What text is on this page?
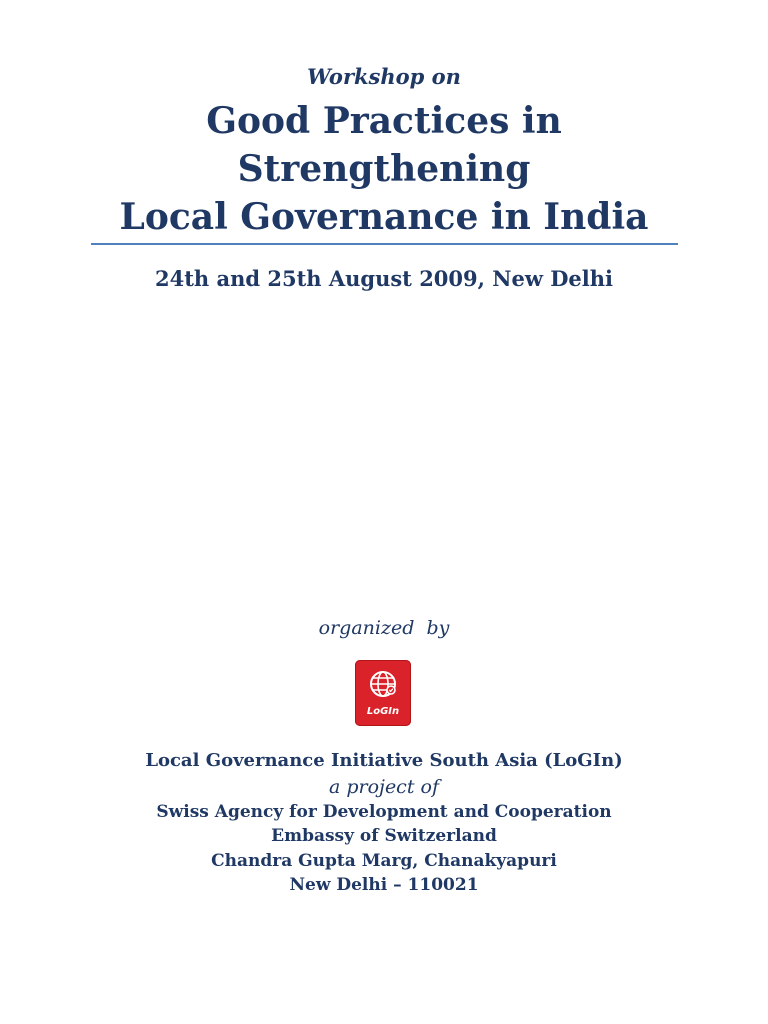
Workshop on
Good Practices in
Strengthening
Local Governance in India
24th and 25th August 2009, New Delhi
organized  by
LoGIn
Local Governance Initiative South Asia (LoGIn)
a project of
Swiss Agency for Development and Cooperation
Embassy of Switzerland
Chandra Gupta Marg, Chanakyapuri
New Delhi – 110021
